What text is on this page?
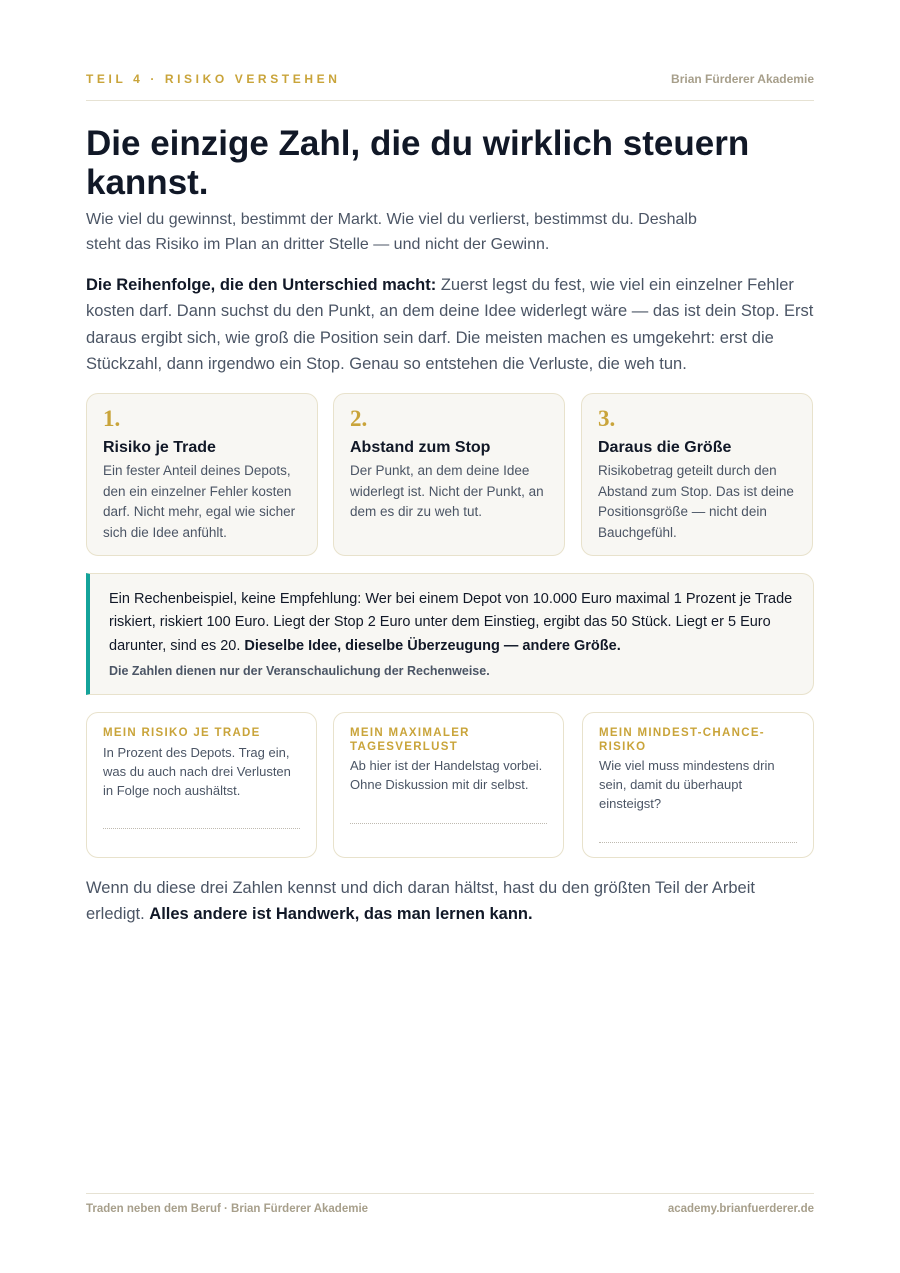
TEIL 4 · RISIKO VERSTEHEN	Brian Fürderer Akademie
Die einzige Zahl, die du wirklich steuern kannst.
Wie viel du gewinnst, bestimmt der Markt. Wie viel du verlierst, bestimmst du. Deshalb steht das Risiko im Plan an dritter Stelle — und nicht der Gewinn.
Die Reihenfolge, die den Unterschied macht: Zuerst legst du fest, wie viel ein einzelner Fehler kosten darf. Dann suchst du den Punkt, an dem deine Idee widerlegt wäre — das ist dein Stop. Erst daraus ergibt sich, wie groß die Position sein darf. Die meisten machen es umgekehrt: erst die Stückzahl, dann irgendwo ein Stop. Genau so entstehen die Verluste, die weh tun.
1.
Risiko je Trade
Ein fester Anteil deines Depots, den ein einzelner Fehler kosten darf. Nicht mehr, egal wie sicher sich die Idee anfühlt.
2.
Abstand zum Stop
Der Punkt, an dem deine Idee widerlegt ist. Nicht der Punkt, an dem es dir zu weh tut.
3.
Daraus die Größe
Risikobetrag geteilt durch den Abstand zum Stop. Das ist deine Positionsgröße — nicht dein Bauchgefühl.
Ein Rechenbeispiel, keine Empfehlung: Wer bei einem Depot von 10.000 Euro maximal 1 Prozent je Trade riskiert, riskiert 100 Euro. Liegt der Stop 2 Euro unter dem Einstieg, ergibt das 50 Stück. Liegt er 5 Euro darunter, sind es 20. Dieselbe Idee, dieselbe Überzeugung — andere Größe.
Die Zahlen dienen nur der Veranschaulichung der Rechenweise.
MEIN RISIKO JE TRADE
In Prozent des Depots. Trag ein, was du auch nach drei Verlusten in Folge noch aushältst.
MEIN MAXIMALER TAGESVERLUST
Ab hier ist der Handelstag vorbei. Ohne Diskussion mit dir selbst.
MEIN MINDEST-CHANCE-RISIKO
Wie viel muss mindestens drin sein, damit du überhaupt einsteigst?
Wenn du diese drei Zahlen kennst und dich daran hältst, hast du den größten Teil der Arbeit erledigt. Alles andere ist Handwerk, das man lernen kann.
Traden neben dem Beruf · Brian Fürderer Akademie	academy.brianfuerderer.de
